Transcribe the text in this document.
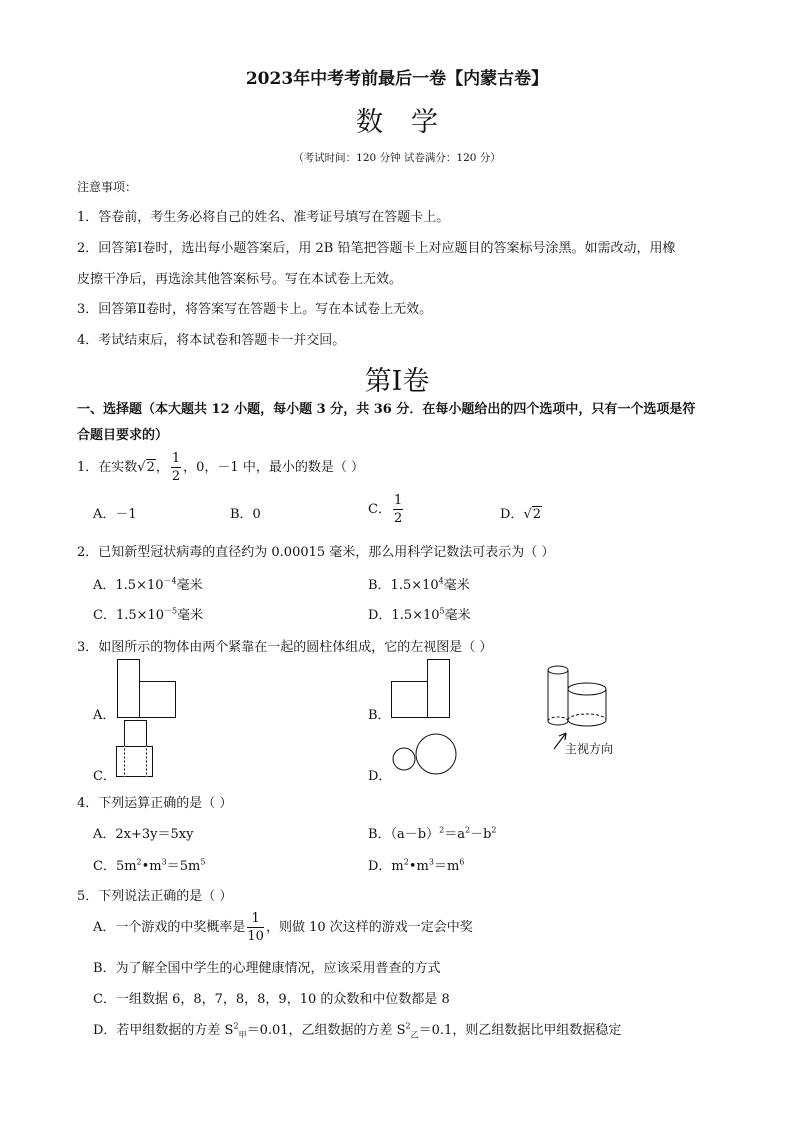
2023年中考考前最后一卷【内蒙古卷】
数学
（考试时间：120 分钟 试卷满分：120 分）
注意事项：
1．答卷前，考生务必将自己的姓名、准考证号填写在答题卡上。
2．回答第Ⅰ卷时，选出每小题答案后，用 2B 铅笔把答题卡上对应题目的答案标号涂黑。如需改动，用橡
皮擦干净后，再选涂其他答案标号。写在本试卷上无效。
3．回答第Ⅱ卷时，将答案写在答题卡上。写在本试卷上无效。
4．考试结束后，将本试卷和答题卡一并交回。
第Ⅰ卷
一、选择题（本大题共 12 小题，每小题 3 分，共 36 分．在每小题给出的四个选项中，只有一个选项是符
合题目要求的）
1．在实数√2， $\frac{1}{2}$ ，0，－1 中，最小的数是（ ）
A．－1	B．0	C． $\frac{1}{2}$	D．√2
2．已知新型冠状病毒的直径约为 0.00015 毫米，那么用科学记数法可表示为（ ）
A．$1.5\times 10^{-4}$毫米	B．$1.5\times 10^4$毫米
C．$1.5\times 10^{-5}$毫米	D．$1.5\times 10^5$毫米
3．如图所示的物体由两个紧靠在一起的圆柱体组成，它的左视图是（ ）
A．	B．
C．	D．
主视方向
4．下列运算正确的是（ ）
A．2x+3y＝5xy	B．$(a-b)^2=a^2-b^2$
C．$5m^2•m^3=5m^5$	D．$m^2•m^3=m^6$
5．下列说法正确的是（ ）
A．一个游戏的中奖概率是 $\frac{1}{10}$ ，则做 10 次这样的游戏一定会中奖
B．为了解全国中学生的心理健康情况，应该采用普查的方式
C．一组数据 6，8，7，8，8，9，10 的众数和中位数都是 8
D．若甲组数据的方差 $S^2_甲=0.01$，乙组数据的方差 $S^2_乙=0.1$，则乙组数据比甲组数据稳定
